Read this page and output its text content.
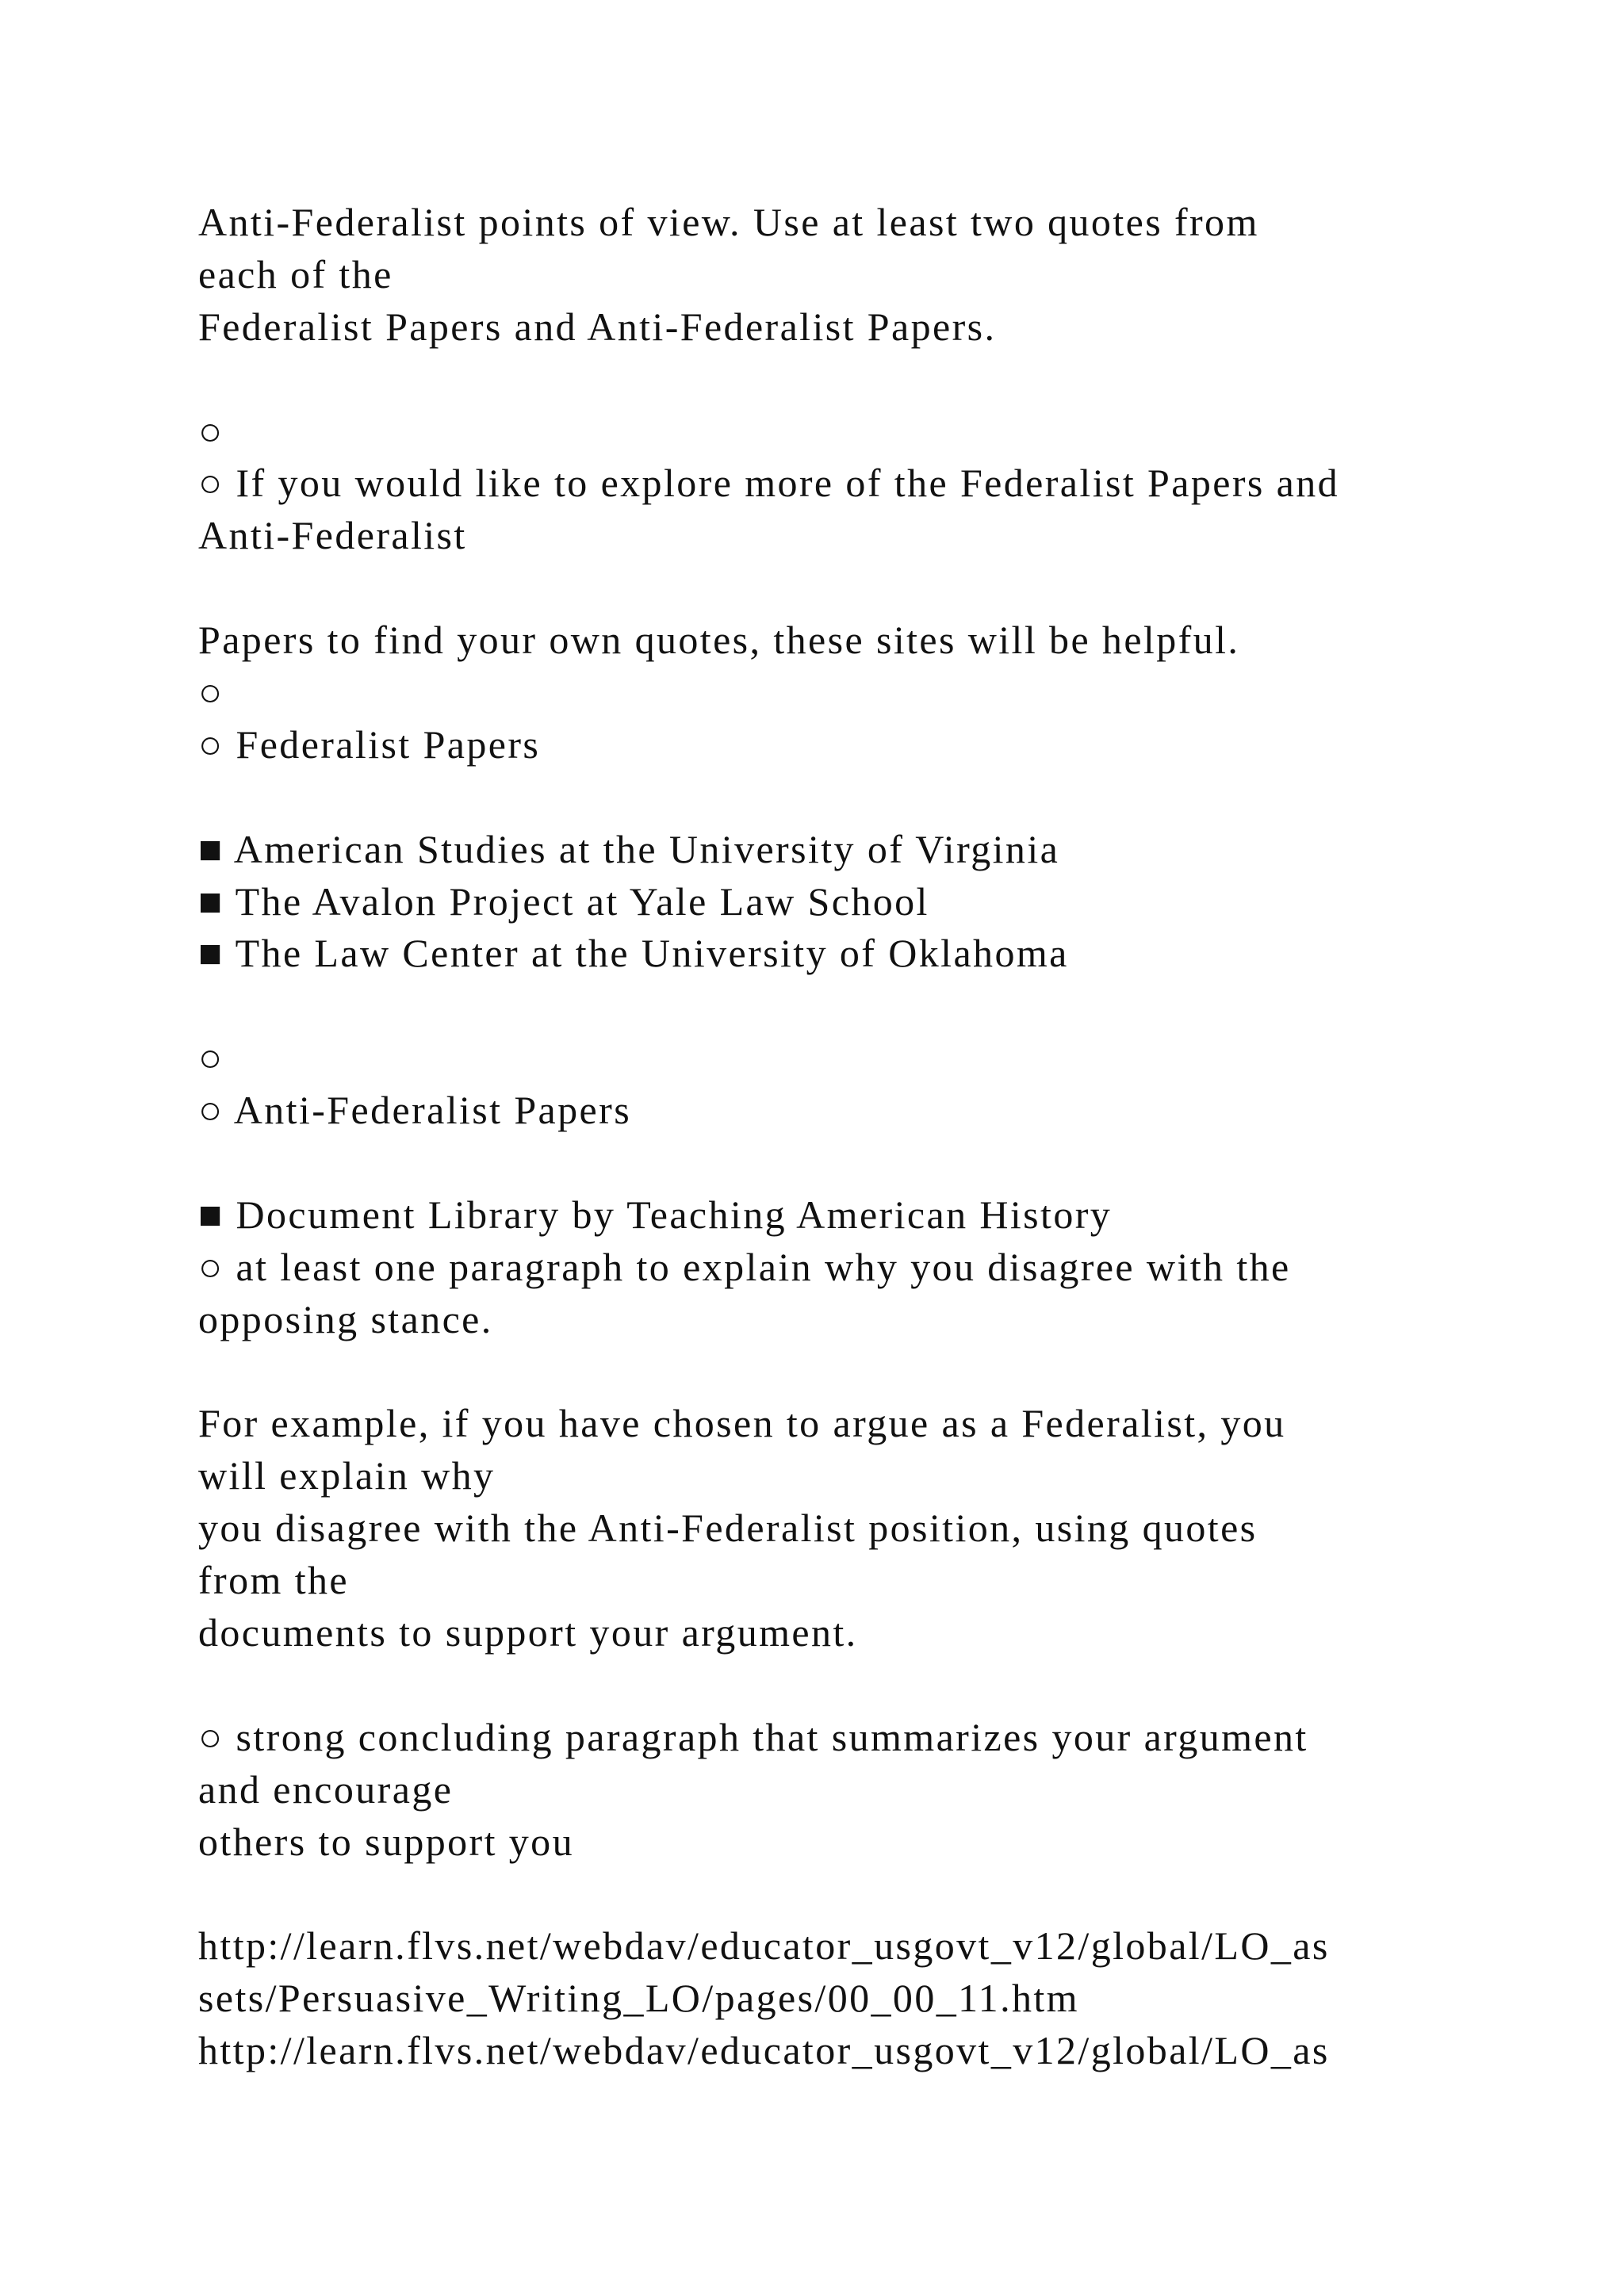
Anti-Federalist points of view. Use at least two quotes from
each of the
Federalist Papers and Anti-Federalist Papers.
○
○ If you would like to explore more of the Federalist Papers and
Anti-Federalist
Papers to find your own quotes, these sites will be helpful.
○
○ Federalist Papers
■ American Studies at the University of Virginia
■ The Avalon Project at Yale Law School
■ The Law Center at the University of Oklahoma
○
○ Anti-Federalist Papers
■ Document Library by Teaching American History
○ at least one paragraph to explain why you disagree with the
opposing stance.
For example, if you have chosen to argue as a Federalist, you
will explain why
you disagree with the Anti-Federalist position, using quotes
from the
documents to support your argument.
○ strong concluding paragraph that summarizes your argument
and encourage
others to support you
http://learn.flvs.net/webdav/educator_usgovt_v12/global/LO_as
sets/Persuasive_Writing_LO/pages/00_00_11.htm
http://learn.flvs.net/webdav/educator_usgovt_v12/global/LO_as
